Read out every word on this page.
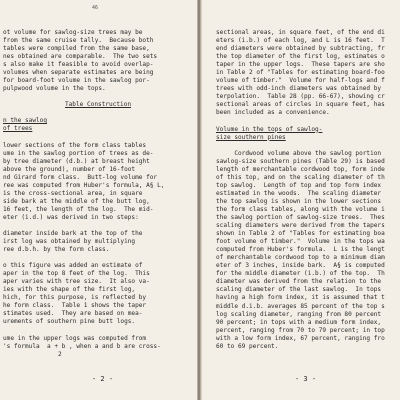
46
ot volume for sawlog-size trees may be
from the same cruise tally.  Because both
tables were compiled from the same base,
nes obtained are comparable.  The two sets
s also make it feasible to avoid overlap-
volumes when separate estimates are being
for board-foot volume in the sawlog por-
pulpwood volume in the tops.
Table Construction
n the sawlog
of trees
lower sections of the form class tables
ume in the sawlog portion of trees as de-
by tree diameter (d.b.) at breast height
above the ground), number of 16-foot
nd Girard form class.  Butt-log volume for
ree was computed from Huber's formula, A§ L,
is the cross-sectional area, in square
side bark at the middle of the butt log,
16 feet, the length of the log.  The mid-
eter (i.d.) was derived in two steps:
diameter inside bark at the top of the
irst log was obtained by multiplying
ree d.b.h. by the form class.
o this figure was added an estimate of
aper in the top 8 feet of the log.  This
aper varies with tree size.  It also va-
ies with the shape of the first log,
hich, for this purpose, is reflected by
he form class.  Table 1 shows the taper
stimates used.  They are based on mea-
urements of southern pine butt logs.
ume in the upper logs was computed from
's formula  a + b , when a and b are cross-
2
- 2 -
sectional areas, in square feet, of the end di
eters (i.b.) of each log, and L is 16 feet.  T
end diameters were obtained by subtracting, fr
the top diameter of the first log, estimates o
taper in the upper logs.  These tapers are sho
in Table 2 of "Tables for estimating board-foo
volume of timber."  Volume for half-logs and f
trees with odd-inch diameters was obtained by
terpolation.  Table 28 (pp. 66-67), showing cr
sectional areas of circles in square feet, has
been included as a convenience.
Volume in the tops of sawlog-
size southern pines
Cordwood volume above the sawlog portion
sawlog-size southern pines (Table 29) is based
length of merchantable cordwood top, form inde
of this top, and on the scaling diameter of th
top sawlog.  Length of top and top form index
estimated in the woods.  The scaling diameter
the top sawlog is shown in the lower sections
the form class tables, along with the volume i
the sawlog portion of sawlog-size trees.  Thes
scaling diameters were derived from the tapers
shown in Table 2 of "Tables for estimating boa
foot volume of timber."  Volume in the tops wa
computed from Huber's formula.  L is the lengt
of merchantable cordwood top to a minimum diam
eter of 3 inches, inside bark.  A§ is computed
for the middle diameter (i.b.) of the top.  Th
diameter was derived from the relation to the
scaling diameter of the last sawlog.  In tops
having a high form index, it is assumed that t
middle d.i.b. averages 85 percent of the top s
log scaling diameter, ranging from 80 percent
90 percent; in tops with a medium form index,
percent, ranging from 70 to 79 percent; in top
with a low form index, 67 percent, ranging fro
60 to 69 percent.
- 3 -
